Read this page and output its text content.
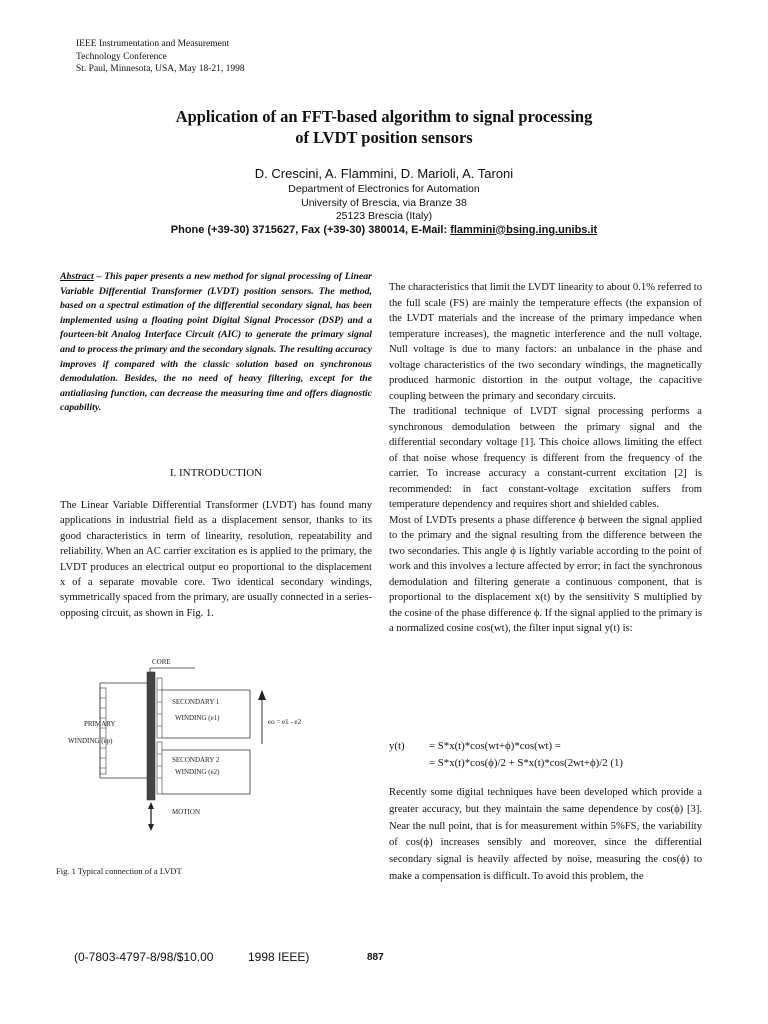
IEEE Instrumentation and Measurement
Technology Conference
St. Paul, Minnesota, USA, May 18-21, 1998
Application of an FFT-based algorithm to signal processing
of LVDT position sensors
D. Crescini, A. Flammini, D. Marioli, A. Taroni
Department of Electronics for Automation
University of Brescia, via Branze 38
25123 Brescia (Italy)
Phone (+39-30) 3715627, Fax (+39-30) 380014, E-Mail: flammini@bsing.ing.unibs.it
Abstract – This paper presents a new method for signal processing of Linear Variable Differential Transformer (LVDT) position sensors. The method, based on a spectral estimation of the differential secondary signal, has been implemented using a floating point Digital Signal Processor (DSP) and a fourteen-bit Analog Interface Circuit (AIC) to generate the primary signal and to process the primary and the secondary signals. The resulting accuracy improves if compared with the classic solution based on synchronous demodulation. Besides, the no need of heavy filtering, except for the antialiasing function, can decrease the measuring time and offers diagnostic capability.
I. INTRODUCTION
The Linear Variable Differential Transformer (LVDT) has found many applications in industrial field as a displacement sensor, thanks to its good characteristics in term of linearity, resolution, repeatability and reliability. When an AC carrier excitation es is applied to the primary, the LVDT produces an electrical output eo proportional to the displacement x of a separate movable core. Two identical secondary windings, symmetrically spaced from the primary, are usually connected in a series-opposing circuit, as shown in Fig. 1.
CORE
PRIMARY
WINDING (ep)
SECONDARY 1
WINDING (e1)
SECONDARY 2
WINDING (e2)
eo = e1 - e2
MOTION
Fig. 1 Typical connection of a LVDT

The characteristics that limit the LVDT linearity to about 0.1% referred to the full scale (FS) are mainly the temperature effects (the expansion of the LVDT materials and the increase of the primary impedance when temperature increases), the magnetic interference and the null voltage. Null voltage is due to many factors: an unbalance in the phase and voltage characteristics of the two secondary windings, the magnetically produced harmonic distortion in the output voltage, the capacitive coupling between the primary and secondary circuits.

The traditional technique of LVDT signal processing performs a synchronous demodulation between the primary signal and the differential secondary voltage [1]. This choice allows limiting the effect of that noise whose frequency is different from the frequency of the carrier. To increase accuracy a constant-current excitation [2] is recommended: in fact constant-voltage excitation suffers from temperature dependency and requires short and shielded cables.

Most of LVDTs presents a phase difference ϕ between the signal applied to the primary and the signal resulting from the difference between the two secondaries. This angle ϕ is lightly variable according to the point of work and this involves a lecture affected by error; in fact the synchronous demodulation and filtering generate a continuous component, that is proportional to the displacement x(t) by the sensitivity S multiplied by the cosine of the phase difference ϕ. If the signal applied to the primary is a normalized cosine cos(wt), the filter input signal y(t) is:

y(t) = S*x(t)*cos(wt+ϕ)*cos(wt) =
= S*x(t)*cos(ϕ)/2 + S*x(t)*cos(2wt+ϕ)/2 (1)
Recently some digital techniques have been developed which provide a greater accuracy, but they maintain the same dependence by cos(ϕ) [3]. Near the null point, that is for measurement within 5%FS, the variability of cos(ϕ) increases sensibly and moreover, since the differential secondary signal is heavily affected by noise, measuring the cos(ϕ) to make a compensation is difficult. To avoid this problem, the
(0-7803-4797-8/98/$10.00	1998 IEEE)	887
